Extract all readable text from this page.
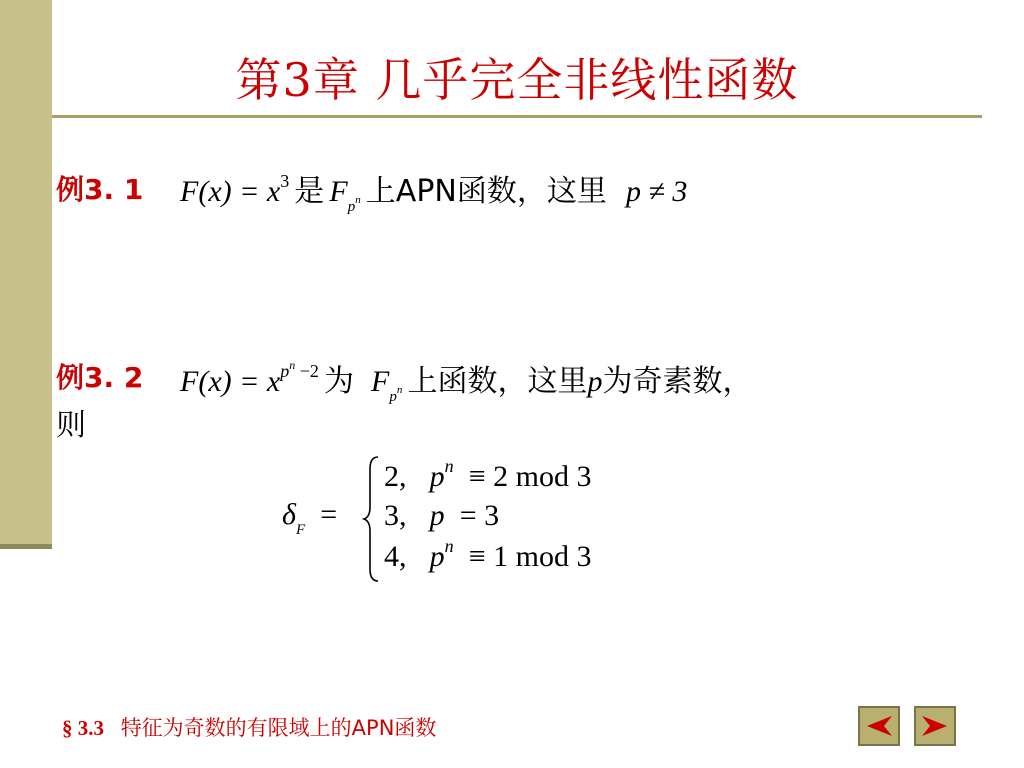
第3章 几乎完全非线性函数
例3. 1 F(x) = x3 是 Fp$^n$ 上APN函数，这里 p ≠ 3
例3. 2 $F(x) = xp^n -2$ 为 Fp$^n$ 上函数，这里p为奇素数，
则
δF =
2, pn ≡ 2 mod 3
3, p = 3
4, pn ≡ 1 mod 3
§ 3.3 特征为奇数的有限域上的APN函数
